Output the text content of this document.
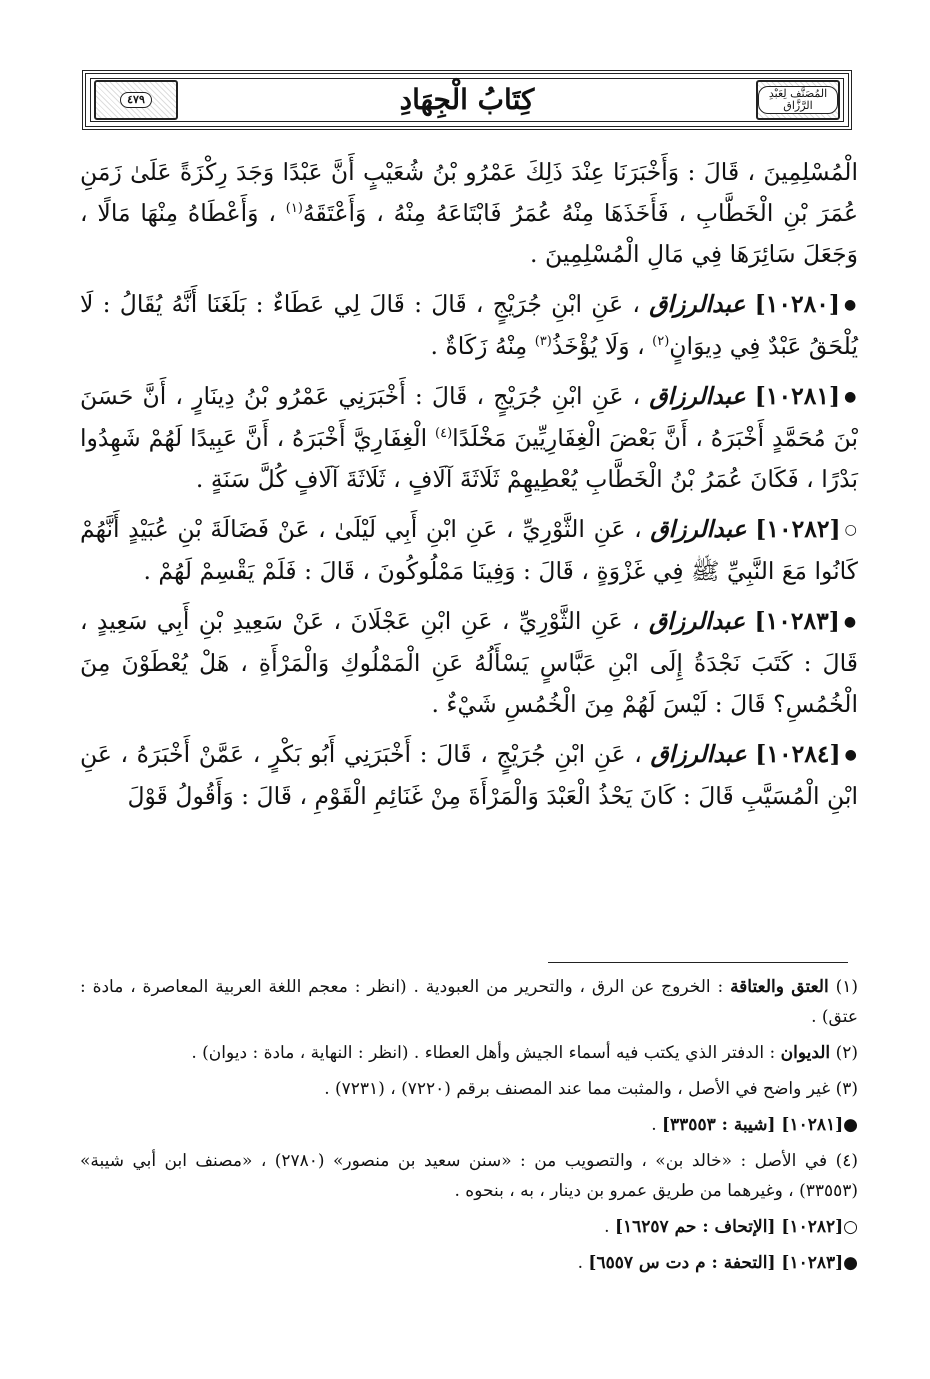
٤٧٩	كِتَابُ الْجِهَادِ	المُصَنَّف لِعَبْدِ الرَّزَّاق

الْمُسْلِمِينَ ، قَالَ : وَأَخْبَرَنَا عِنْدَ ذَلِكَ عَمْرُو بْنُ شُعَيْبٍ أَنَّ عَبْدًا وَجَدَ رِكْزَةً عَلَىٰ زَمَنِ عُمَرَ بْنِ الْخَطَّابِ ، فَأَخَذَهَا مِنْهُ عُمَرُ فَابْتَاعَهُ مِنْهُ ، وَأَعْتَقَهُ$^{(١)}$ ، وَأَعْطَاهُ مِنْهَا مَالًا ، وَجَعَلَ سَائِرَهَا فِي مَالِ الْمُسْلِمِينَ .

●[١٠٢٨٠] عبدالرزاق ، عَنِ ابْنِ جُرَيْجٍ ، قَالَ : قَالَ لِي عَطَاءٌ : بَلَغَنَا أَنَّهُ يُقَالُ : لَا يُلْحَقُ عَبْدٌ فِي دِيوَانٍ$^{(٢)}$ ، وَلَا يُؤْخَذُ$^{(٣)}$ مِنْهُ زَكَاةٌ .

●[١٠٢٨١] عبدالرزاق ، عَنِ ابْنِ جُرَيْجٍ ، قَالَ : أَخْبَرَنِي عَمْرُو بْنُ دِينَارٍ ، أَنَّ حَسَنَ بْنَ مُحَمَّدٍ أَخْبَرَهُ ، أَنَّ بَعْضَ الْغِفَارِيِّينَ مَخْلَدًا$^{(٤)}$ الْغِفَارِيَّ أَخْبَرَهُ ، أَنَّ عَبِيدًا لَهُمْ شَهِدُوا بَدْرًا ، فَكَانَ عُمَرُ بْنُ الْخَطَّابِ يُعْطِيهِمْ ثَلَاثَةَ آلَافٍ ، ثَلَاثَةَ آلَافٍ كُلَّ سَنَةٍ .

○[١٠٢٨٢] عبدالرزاق ، عَنِ الثَّوْرِيِّ ، عَنِ ابْنِ أَبِي لَيْلَىٰ ، عَنْ فَضَالَةَ بْنِ عُبَيْدٍ أَنَّهُمْ كَانُوا مَعَ النَّبِيِّ ﷺ فِي غَزْوَةٍ ، قَالَ : وَفِينَا مَمْلُوكُونَ ، قَالَ : فَلَمْ يَقْسِمْ لَهُمْ .

●[١٠٢٨٣] عبدالرزاق ، عَنِ الثَّوْرِيِّ ، عَنِ ابْنِ عَجْلَانَ ، عَنْ سَعِيدِ بْنِ أَبِي سَعِيدٍ ، قَالَ : كَتَبَ نَجْدَةُ إِلَى ابْنِ عَبَّاسٍ يَسْأَلُهُ عَنِ الْمَمْلُوكِ وَالْمَرْأَةِ ، هَلْ يُعْطَوْنَ مِنَ الْخُمُسِ؟ قَالَ : لَيْسَ لَهُمْ مِنَ الْخُمُسِ شَيْءٌ .

●[١٠٢٨٤] عبدالرزاق ، عَنِ ابْنِ جُرَيْجٍ ، قَالَ : أَخْبَرَنِي أَبُو بَكْرٍ ، عَمَّنْ أَخْبَرَهُ ، عَنِ ابْنِ الْمُسَيَّبِ قَالَ : كَانَ يَحْذُ الْعَبْدَ وَالْمَرْأَةَ مِنْ غَنَائِمِ الْقَوْمِ ، قَالَ : وَأَقُولُ قَوْلَ

(١) العتق والعتاقة : الخروج عن الرق ، والتحرير من العبودية . (انظر : معجم اللغة العربية المعاصرة ، مادة : عتق) .

(٢) الديوان : الدفتر الذي يكتب فيه أسماء الجيش وأهل العطاء . (انظر : النهاية ، مادة : ديوان) .

(٣) غير واضح في الأصل ، والمثبت مما عند المصنف برقم (٧٢٢٠) ، (٧٢٣١) .

●[١٠٢٨١] [شيبة : ٣٣٥٥٣] .

(٤) في الأصل : «خالد بن» ، والتصويب من : «سنن سعيد بن منصور» (٢٧٨٠) ، «مصنف ابن أبي شيبة» (٣٣٥٥٣) ، وغيرهما من طريق عمرو بن دينار ، به ، بنحوه .

○[١٠٢٨٢] [الإتحاف : حم ١٦٢٥٧] .

●[١٠٢٨٣] [التحفة : م دت س ٦٥٥٧] .
